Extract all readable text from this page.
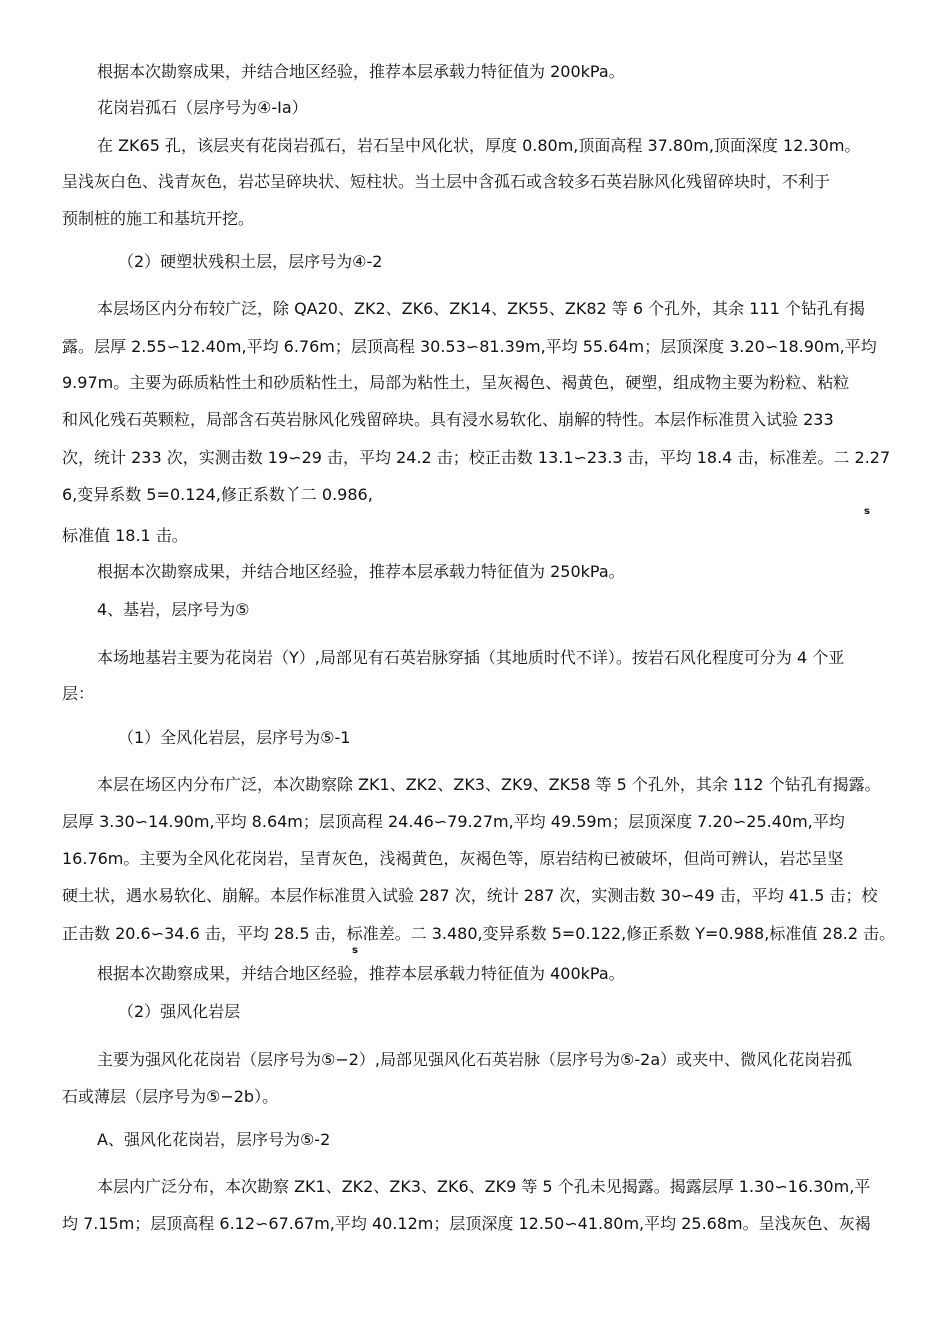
根据本次勘察成果，并结合地区经验，推荐本层承载力特征值为 200kPa。
花岗岩孤石（层序号为④-Ia）
在 ZK65 孔，该层夹有花岗岩孤石，岩石呈中风化状，厚度 0.80m,顶面高程 37.80m,顶面深度 12.30m。
呈浅灰白色、浅青灰色，岩芯呈碎块状、短柱状。当土层中含孤石或含较多石英岩脉风化残留碎块时，不利于
预制桩的施工和基坑开挖。
（2）硬塑状残积土层，层序号为④-2
本层场区内分布较广泛，除 QA20、ZK2、ZK6、ZK14、ZK55、ZK82 等 6 个孔外，其余 111 个钻孔有揭
露。层厚 2.55∽12.40m,平均 6.76m；层顶高程 30.53∽81.39m,平均 55.64m；层顶深度 3.20∽18.90m,平均
9.97m。主要为砾质粘性土和砂质粘性土，局部为粘性土，呈灰褐色、褐黄色，硬塑，组成物主要为粉粒、粘粒
和风化残石英颗粒，局部含石英岩脉风化残留碎块。具有浸水易软化、崩解的特性。本层作标准贯入试验 233
次，统计 233 次，实测击数 19∽29 击，平均 24.2 击；校正击数 13.1∽23.3 击，平均 18.4 击，标准差。二 2.27
6,变异系数 5=0.124,修正系数丫二 0.986,
s
标准值 18.1 击。
根据本次勘察成果，并结合地区经验，推荐本层承载力特征值为 250kPa。
4、基岩，层序号为⑤
本场地基岩主要为花岗岩（Y）,局部见有石英岩脉穿插（其地质时代不详）。按岩石风化程度可分为 4 个亚
层：
（1）全风化岩层，层序号为⑤-1
本层在场区内分布广泛，本次勘察除 ZK1、ZK2、ZK3、ZK9、ZK58 等 5 个孔外，其余 112 个钻孔有揭露。
层厚 3.30∽14.90m,平均 8.64m；层顶高程 24.46∽79.27m,平均 49.59m；层顶深度 7.20∽25.40m,平均
16.76m。主要为全风化花岗岩，呈青灰色，浅褐黄色，灰褐色等，原岩结构已被破坏，但尚可辨认，岩芯呈坚
硬土状，遇水易软化、崩解。本层作标准贯入试验 287 次，统计 287 次，实测击数 30∽49 击，平均 41.5 击；校
正击数 20.6∽34.6 击，平均 28.5 击，标准差。二 3.480,变异系数 5=0.122,修正系数 Y=0.988,标准值 28.2 击。
s
根据本次勘察成果，并结合地区经验，推荐本层承载力特征值为 400kPa。
（2）强风化岩层
主要为强风化花岗岩（层序号为⑤−2）,局部见强风化石英岩脉（层序号为⑤-2a）或夹中、微风化花岗岩孤
石或薄层（层序号为⑤−2b）。
A、强风化花岗岩，层序号为⑤-2
本层内广泛分布，本次勘察 ZK1、ZK2、ZK3、ZK6、ZK9 等 5 个孔未见揭露。揭露层厚 1.30∽16.30m,平
均 7.15m；层顶高程 6.12∽67.67m,平均 40.12m；层顶深度 12.50∽41.80m,平均 25.68m。呈浅灰色、灰褐
